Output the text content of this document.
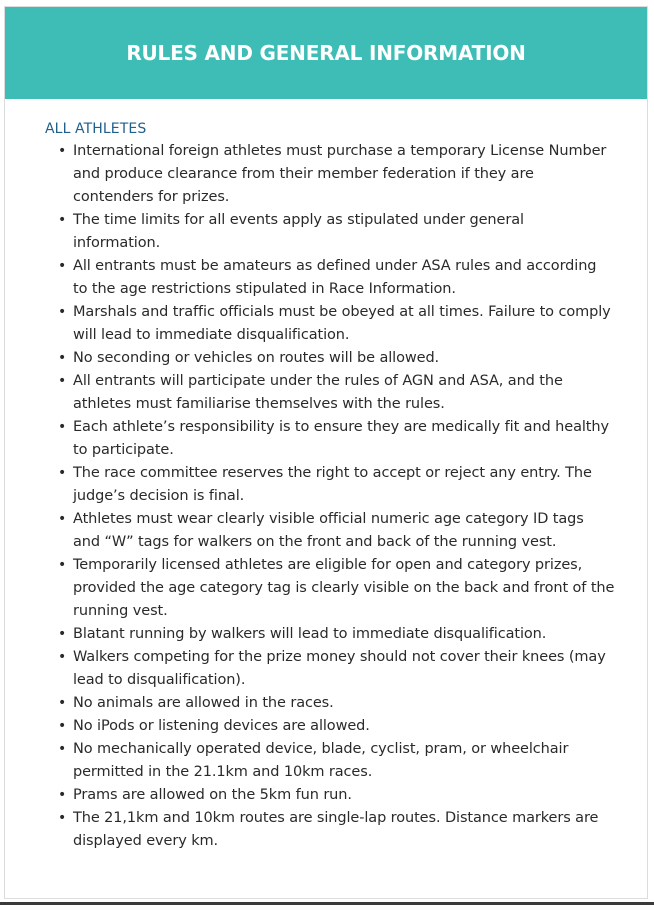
RULES AND GENERAL INFORMATION
ALL ATHLETES
• International foreign athletes must purchase a temporary License Number and produce clearance from their member federation if they are contenders for prizes.
• The time limits for all events apply as stipulated under general information.
• All entrants must be amateurs as defined under ASA rules and according to the age restrictions stipulated in Race Information.
• Marshals and traffic officials must be obeyed at all times. Failure to comply will lead to immediate disqualification.
• No seconding or vehicles on routes will be allowed.
• All entrants will participate under the rules of AGN and ASA, and the athletes must familiarise themselves with the rules.
• Each athlete’s responsibility is to ensure they are medically fit and healthy to participate.
• The race committee reserves the right to accept or reject any entry. The judge’s decision is final.
• Athletes must wear clearly visible official numeric age category ID tags and “W” tags for walkers on the front and back of the running vest.
• Temporarily licensed athletes are eligible for open and category prizes, provided the age category tag is clearly visible on the back and front of the running vest.
• Blatant running by walkers will lead to immediate disqualification.
• Walkers competing for the prize money should not cover their knees (may lead to disqualification).
• No animals are allowed in the races.
• No iPods or listening devices are allowed.
• No mechanically operated device, blade, cyclist, pram, or wheelchair permitted in the 21.1km and 10km races.
• Prams are allowed on the 5km fun run.
• The 21,1km and 10km routes are single-lap routes. Distance markers are displayed every km.
